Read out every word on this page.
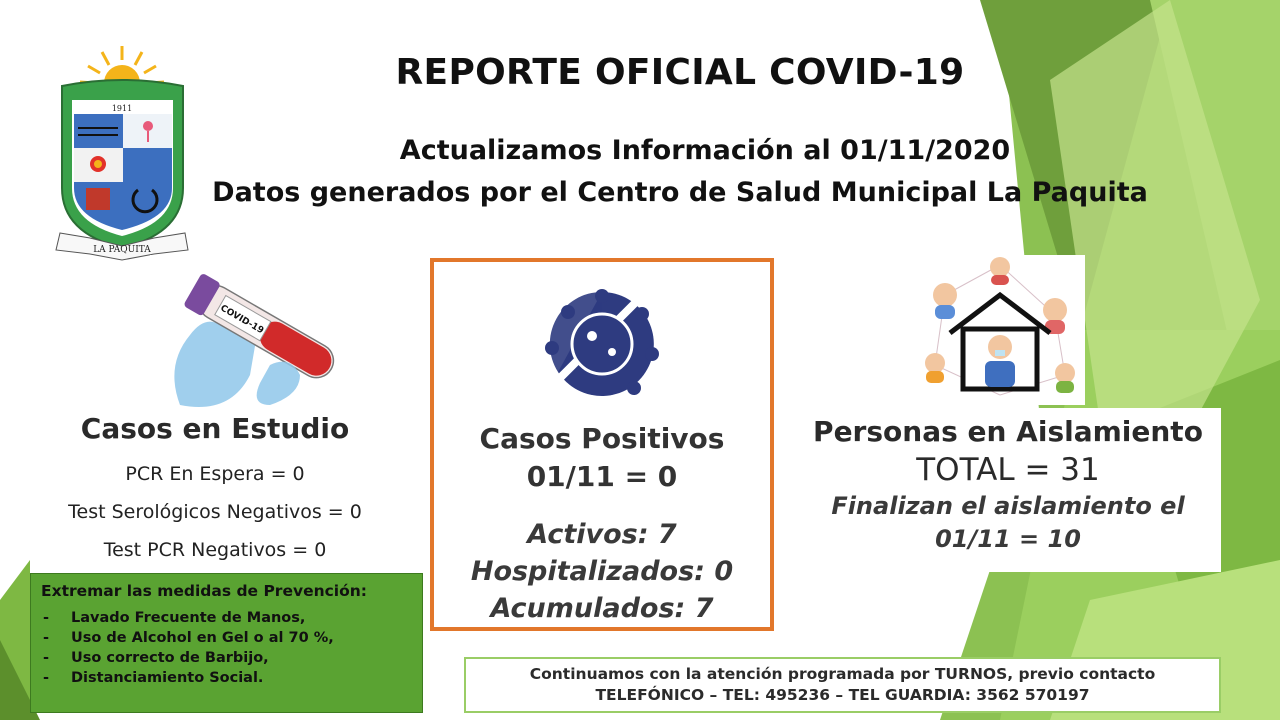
1911
LA PAQUITA
REPORTE OFICIAL COVID-19
Actualizamos Información al 01/11/2020
Datos generados por el Centro de Salud Municipal La Paquita
COVID-19
Casos en Estudio
PCR En Espera = 0
Test Serológicos Negativos = 0
Test PCR Negativos = 0
Casos Positivos
01/11 = 0
Activos: 7
Hospitalizados: 0
Acumulados: 7
Personas en Aislamiento
TOTAL = 31
Finalizan el aislamiento el
01/11 = 10
Extremar las medidas de Prevención:
- Lavado Frecuente de Manos,
- Uso de Alcohol en Gel o al 70 %,
- Uso correcto de Barbijo,
- Distanciamiento Social.	Continuamos con la atención programada por TURNOS, previo contacto
TELEFÓNICO – TEL: 495236 – TEL GUARDIA: 3562 570197
